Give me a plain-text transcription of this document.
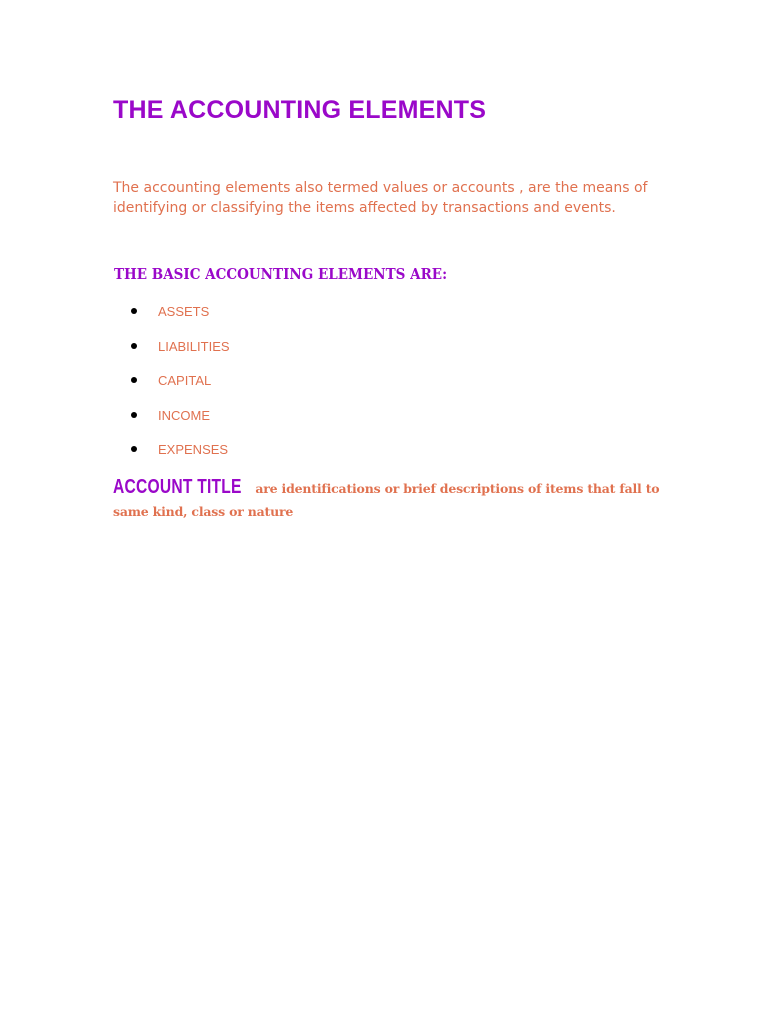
THE ACCOUNTING ELEMENTS

The accounting elements also termed values or accounts , are the means of identifying or classifying the items affected by transactions and events.

THE BASIC ACCOUNTING ELEMENTS ARE:
ASSETS
LIABILITIES
CAPITAL
INCOME
EXPENSES

ACCOUNT TITLE are identifications or brief descriptions of items that fall to same kind, class or nature
